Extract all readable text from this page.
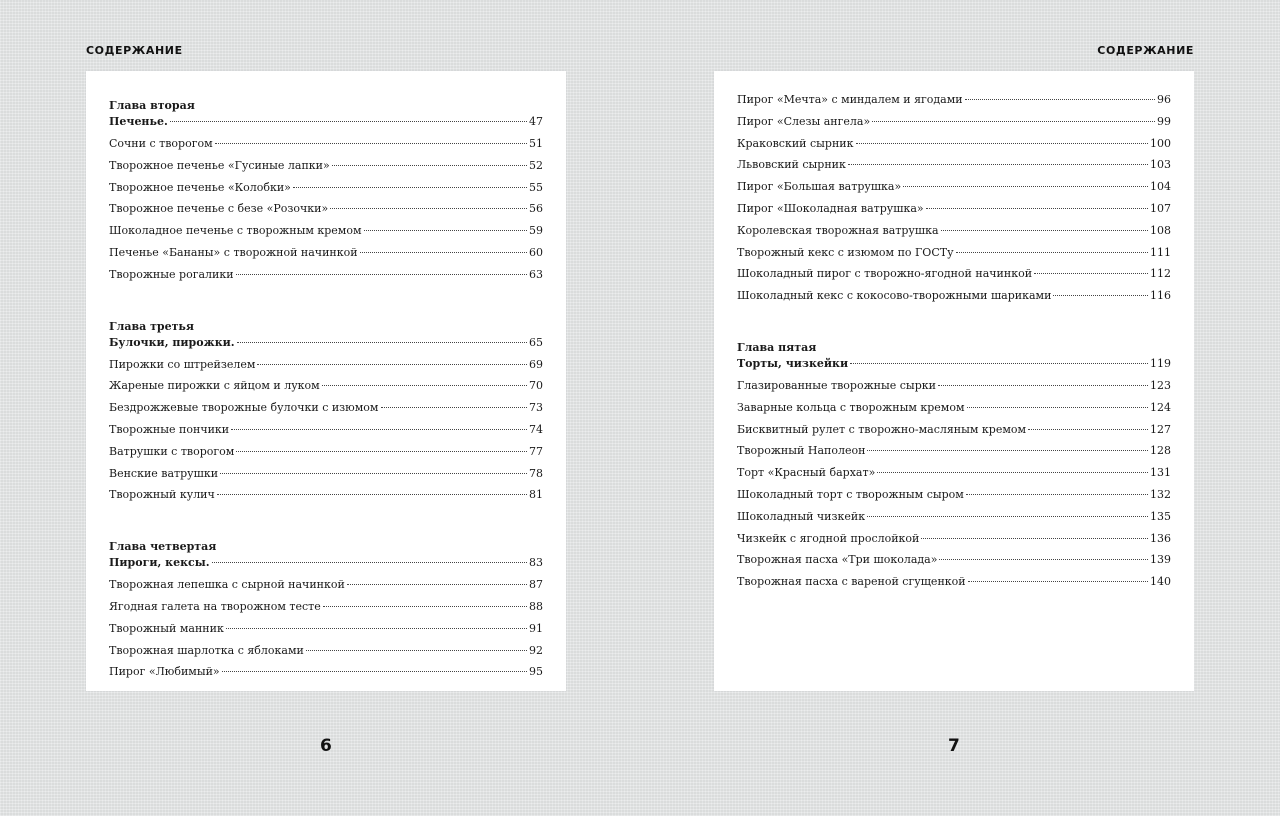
СОДЕРЖАНИЕ
Глава вторая
Печенье.	47
Сочни с творогом	51
Творожное печенье «Гусиные лапки»	52
Творожное печенье «Колобки»	55
Творожное печенье с безе «Розочки»	56
Шоколадное печенье с творожным кремом	59
Печенье «Бананы» с творожной начинкой	60
Творожные рогалики	63
Глава третья
Булочки, пирожки.	65
Пирожки со штрейзелем	69
Жареные пирожки с яйцом и луком	70
Бездрожжевые творожные булочки с изюмом	73
Творожные пончики	74
Ватрушки с творогом	77
Венские ватрушки	78
Творожный кулич	81
Глава четвертая
Пироги, кексы.	83
Творожная лепешка с сырной начинкой	87
Ягодная галета на творожном тесте	88
Творожный манник	91
Творожная шарлотка с яблоками	92
Пирог «Любимый»	95
6
СОДЕРЖАНИЕ
Пирог «Мечта» с миндалем и ягодами	96
Пирог «Слезы ангела»	99
Краковский сырник	100
Львовский сырник	103
Пирог «Большая ватрушка»	104
Пирог «Шоколадная ватрушка»	107
Королевская творожная ватрушка	108
Творожный кекс с изюмом по ГОСТу	111
Шоколадный пирог с творожно-ягодной начинкой	112
Шоколадный кекс с кокосово-творожными шариками	116
Глава пятая
Торты, чизкейки	119
Глазированные творожные сырки	123
Заварные кольца с творожным кремом	124
Бисквитный рулет с творожно-масляным кремом	127
Творожный Наполеон	128
Торт «Красный бархат»	131
Шоколадный торт с творожным сыром	132
Шоколадный чизкейк	135
Чизкейк с ягодной прослойкой	136
Творожная пасха «Три шоколада»	139
Творожная пасха с вареной сгущенкой	140
7
